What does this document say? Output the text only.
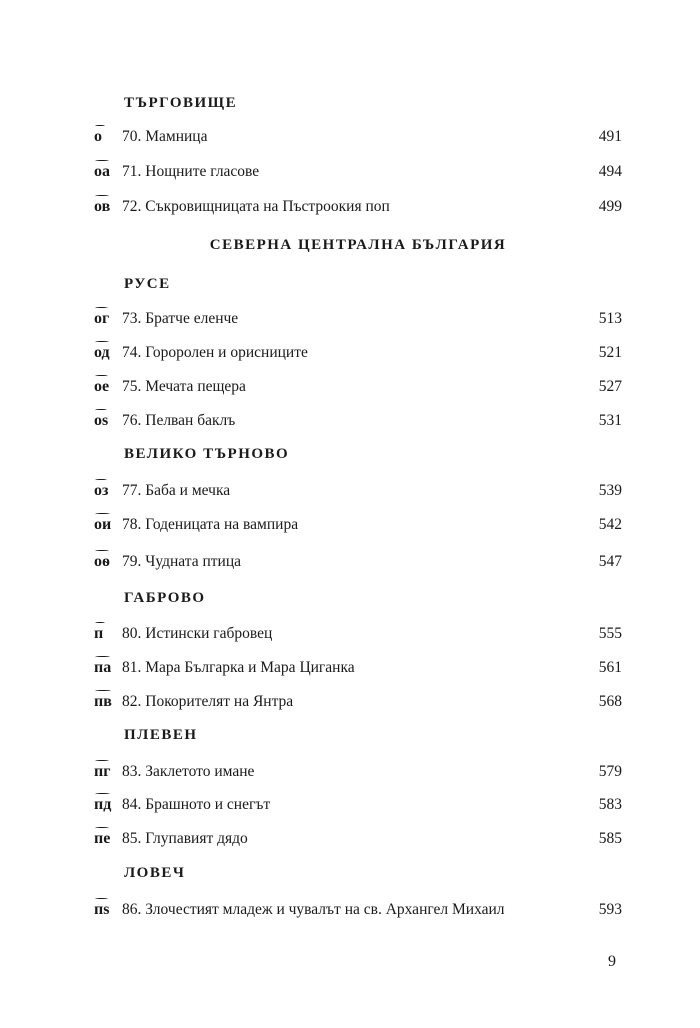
ТЪРГОВИЩЕ
о 70. Мамница	491
оа 71. Нощните гласове	494
ов 72. Съкровищницата на Пъстроокия поп	499
СЕВЕРНА ЦЕНТРАЛНА БЪЛГАРИЯ
РУСЕ
ог 73. Братче еленче	513
од 74. Гороролен и орисниците	521
ое 75. Мечата пещера	527
оѕ 76. Пелван баклъ	531
ВЕЛИКО ТЪРНОВО
оз 77. Баба и мечка	539
ои 78. Годеницата на вампира	542
оѳ 79. Чудната птица	547
ГАБРОВО
п 80. Истински габровец	555
па 81. Мара Българка и Мара Циганка	561
пв 82. Покорителят на Янтра	568
ПЛЕВЕН
пг 83. Заклетото имане	579
пд 84. Брашното и снегът	583
пе 85. Глупавият дядо	585
ЛОВЕЧ
пѕ 86. Злочестият младеж и чувалът на св. Архангел Михаил	593
9
